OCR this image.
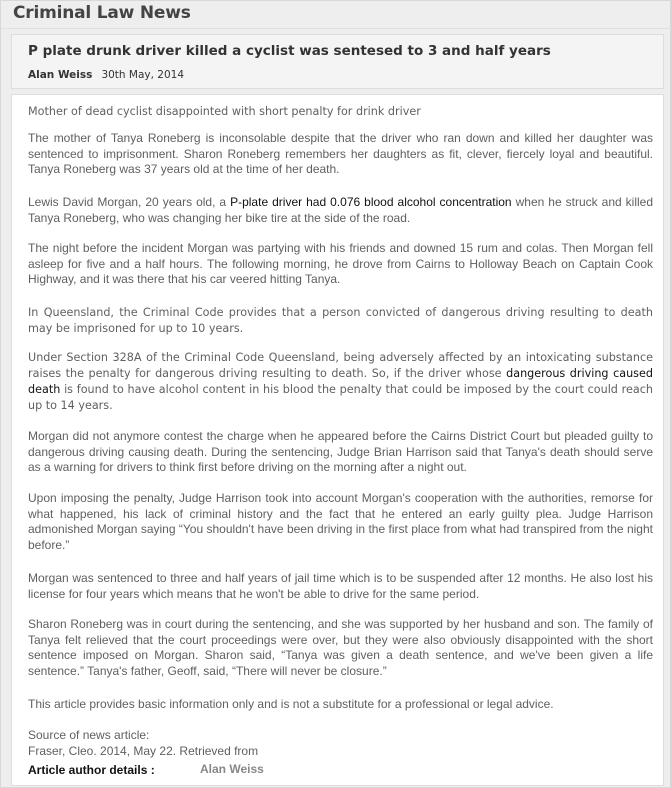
Criminal Law News
P plate drunk driver killed a cyclist was sentesed to 3 and half years
Alan Weiss 30th May, 2014
Mother of dead cyclist disappointed with short penalty for drink driver
The mother of Tanya Roneberg is inconsolable despite that the driver who ran down and killed her daughter was sentenced to imprisonment. Sharon Roneberg remembers her daughters as fit, clever, fiercely loyal and beautiful. Tanya Roneberg was 37 years old at the time of her death.
Lewis David Morgan, 20 years old, a P-plate driver had 0.076 blood alcohol concentration when he struck and killed Tanya Roneberg, who was changing her bike tire at the side of the road.
The night before the incident Morgan was partying with his friends and downed 15 rum and colas. Then Morgan fell asleep for five and a half hours. The following morning, he drove from Cairns to Holloway Beach on Captain Cook Highway, and it was there that his car veered hitting Tanya.
In Queensland, the Criminal Code provides that a person convicted of dangerous driving resulting to death may be imprisoned for up to 10 years.
Under Section 328A of the Criminal Code Queensland, being adversely affected by an intoxicating substance raises the penalty for dangerous driving resulting to death. So, if the driver whose dangerous driving caused death is found to have alcohol content in his blood the penalty that could be imposed by the court could reach up to 14 years.
Morgan did not anymore contest the charge when he appeared before the Cairns District Court but pleaded guilty to dangerous driving causing death. During the sentencing, Judge Brian Harrison said that Tanya's death should serve as a warning for drivers to think first before driving on the morning after a night out.
Upon imposing the penalty, Judge Harrison took into account Morgan's cooperation with the authorities, remorse for what happened, his lack of criminal history and the fact that he entered an early guilty plea. Judge Harrison admonished Morgan saying “You shouldn't have been driving in the first place from what had transpired from the night before.”
Morgan was sentenced to three and half years of jail time which is to be suspended after 12 months. He also lost his license for four years which means that he won't be able to drive for the same period.
Sharon Roneberg was in court during the sentencing, and she was supported by her husband and son. The family of Tanya felt relieved that the court proceedings were over, but they were also obviously disappointed with the short sentence imposed on Morgan. Sharon said, “Tanya was given a death sentence, and we've been given a life sentence.” Tanya's father, Geoff, said, “There will never be closure.”
This article provides basic information only and is not a substitute for a professional or legal advice.
Source of news article:
Fraser, Cleo. 2014, May 22. Retrieved from
Article author details :	Alan Weiss
